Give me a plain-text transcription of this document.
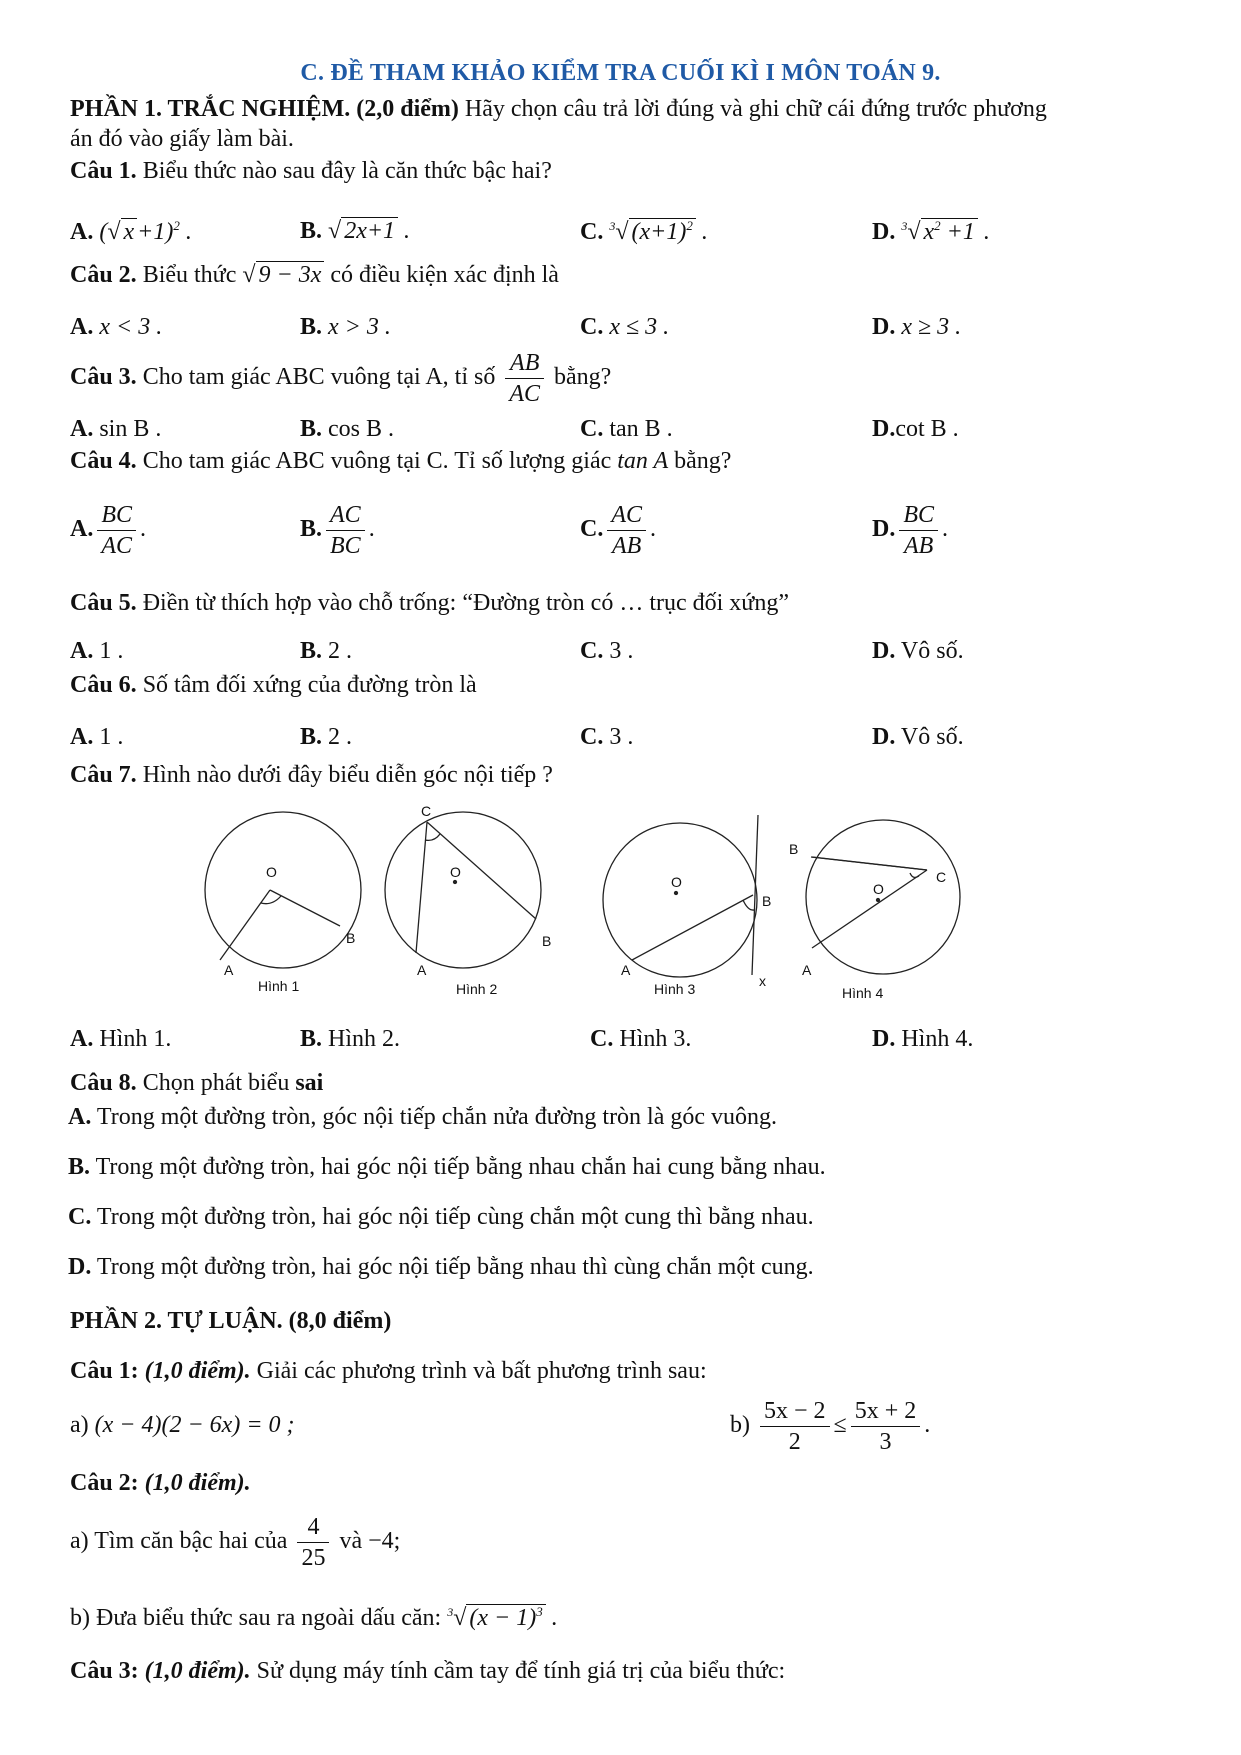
C. ĐỀ THAM KHẢO KIỂM TRA CUỐI KÌ I MÔN TOÁN 9.
PHẦN 1. TRẮC NGHIỆM. (2,0 điểm) Hãy chọn câu trả lời đúng và ghi chữ cái đứng trước phương
án đó vào giấy làm bài.
Câu 1. Biểu thức nào sau đây là căn thức bậc hai?
A. (√ x +1)$^2$ .	B. √ 2x+1 .	C. $^3$√ $(x+1)^2$ .	D. $^3$√ $x^2 +1$ .
Câu 2. Biểu thức √ 9 − 3x có điều kiện xác định là
A. x < 3 .	B. x > 3 .	C. x ≤ 3 .	D. x ≥ 3 .
Câu 3. Cho tam giác ABC vuông tại A, tỉ số $\frac{AB}{AC}$ bằng?
A. sin B .	B. cos B .	C. tan B .	D.cot B .
Câu 4. Cho tam giác ABC vuông tại C. Tỉ số lượng giác tan A bằng?
A. $\frac{BC}{AC}$ .	B. $\frac{AC}{BC}$ .	C. $\frac{AC}{AB}$ .	D. $\frac{BC}{AB}$ .
Câu 5. Điền từ thích hợp vào chỗ trống: “Đường tròn có … trục đối xứng”
A. 1 .	B. 2 .	C. 3 .	D. Vô số.
Câu 6. Số tâm đối xứng của đường tròn là
A. 1 .	B. 2 .	C. 3 .	D. Vô số.
Câu 7. Hình nào dưới đây biểu diễn góc nội tiếp ?
O
A
B
Hình 1
C
O
A
B
Hình 2
O
B
A
x
Hình 3
B
C
O
A
Hình 4
A. Hình 1.	B. Hình 2.	C. Hình 3.	D. Hình 4.
Câu 8. Chọn phát biểu sai
A. Trong một đường tròn, góc nội tiếp chắn nửa đường tròn là góc vuông.
B. Trong một đường tròn, hai góc nội tiếp bằng nhau chắn hai cung bằng nhau.
C. Trong một đường tròn, hai góc nội tiếp cùng chắn một cung thì bằng nhau.
D. Trong một đường tròn, hai góc nội tiếp bằng nhau thì cùng chắn một cung.
PHẦN 2. TỰ LUẬN. (8,0 điểm)
Câu 1: (1,0 điểm). Giải các phương trình và bất phương trình sau:
a) (x − 4)(2 − 6x) = 0 ;	$b) \frac{5x - 2}{2} \le \frac{5x + 2}{3}$ .
Câu 2: (1,0 điểm).
a) Tìm căn bậc hai của $\frac{4}{25}$ và −4;
b) Đưa biểu thức sau ra ngoài dấu căn: $^3$√ $(x - 1)^3$ .
Câu 3: (1,0 điểm). Sử dụng máy tính cầm tay để tính giá trị của biểu thức:
